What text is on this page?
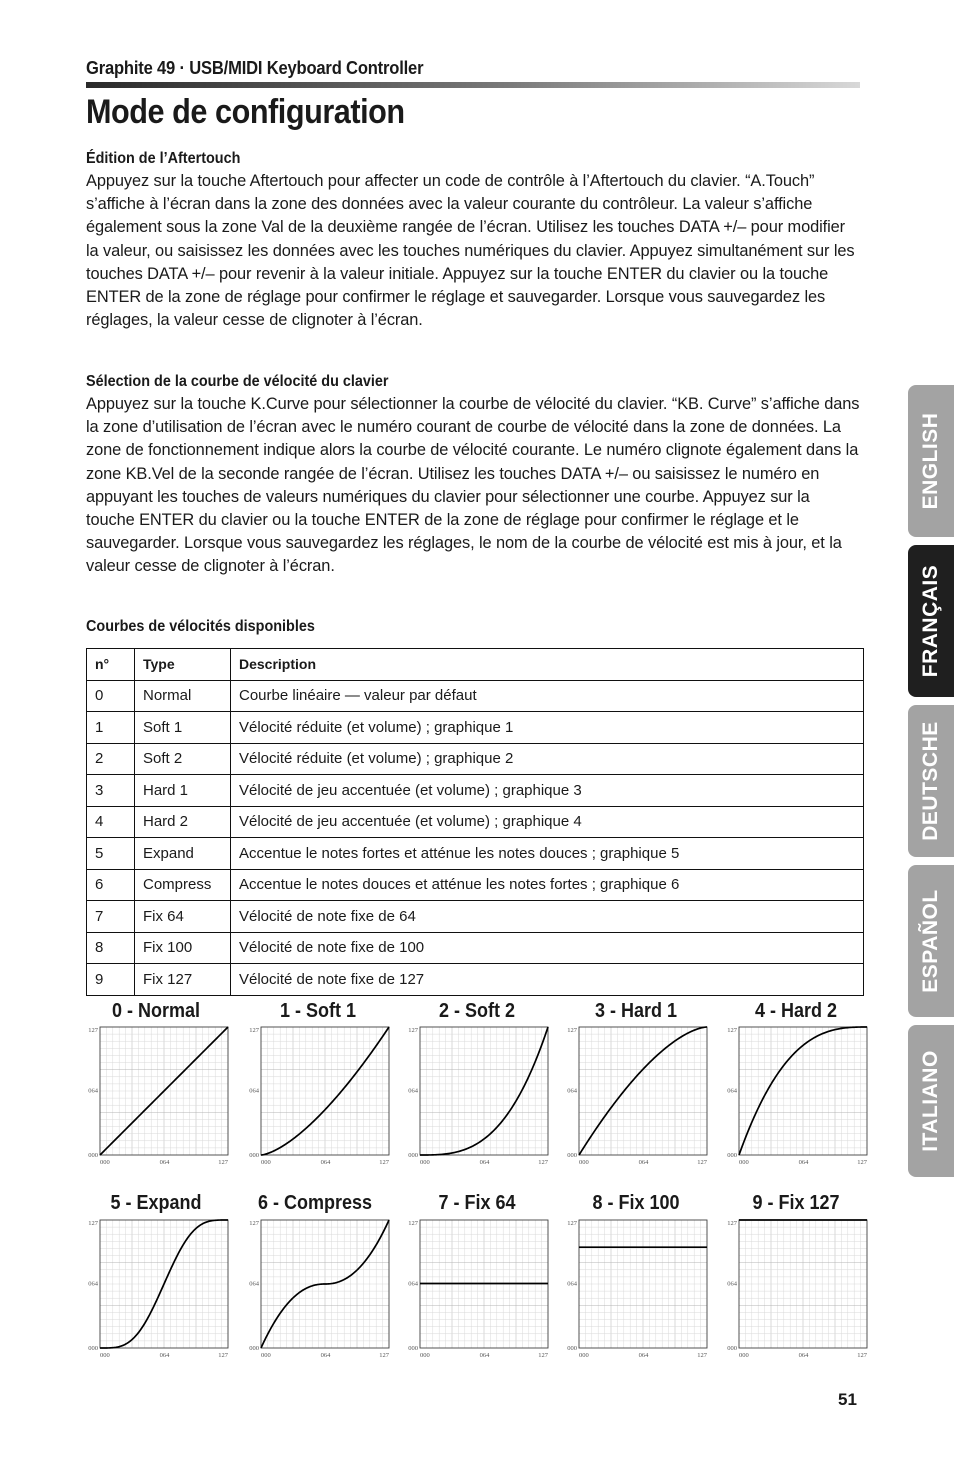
Graphite 49 · USB/MIDI Keyboard Controller
Mode de configuration
Édition de l’Aftertouch

Appuyez sur la touche Aftertouch pour affecter un code de contrôle à l’Aftertouch du clavier. “A.Touch” s’affiche à l’écran dans la zone des données avec la valeur courante du contrôleur. La valeur s’affiche également sous la zone Val de la deuxième rangée de l’écran. Utilisez les touches DATA +/– pour modifier la valeur, ou saisissez les données avec les touches numériques du clavier. Appuyez simultanément sur les touches DATA +/– pour revenir à la valeur initiale. Appuyez sur la touche ENTER du clavier ou la touche ENTER de la zone de réglage pour confirmer le réglage et sauvegarder. Lorsque vous sauvegardez les réglages, la valeur cesse de clignoter à l’écran.

Sélection de la courbe de vélocité du clavier

Appuyez sur la touche K.Curve pour sélectionner la courbe de vélocité du clavier. “KB. Curve” s’affiche dans la zone d’utilisation de l’écran avec le numéro courant de courbe de vélocité dans la zone de données. La zone de fonctionnement indique alors la courbe de vélocité courante. Le numéro clignote également dans la zone KB.Vel de la seconde rangée de l’écran. Utilisez les touches DATA +/– ou saisissez le numéro en appuyant les touches de valeurs numériques du clavier pour sélectionner une courbe. Appuyez sur la touche ENTER du clavier ou la touche ENTER de la zone de réglage pour confirmer le réglage et le sauvegarder. Lorsque vous sauvegardez les réglages, le nom de la courbe de vélocité est mis à jour, et la valeur cesse de clignoter à l’écran.

Courbes de vélocités disponibles
n°	Type	Description
0	Normal	Courbe linéaire — valeur par défaut
1	Soft 1	Vélocité réduite (et volume) ; graphique 1
2	Soft 2	Vélocité réduite (et volume) ; graphique 2
3	Hard 1	Vélocité de jeu accentuée (et volume) ; graphique 3
4	Hard 2	Vélocité de jeu accentuée (et volume) ; graphique 4
5	Expand	Accentue le notes fortes et atténue les notes douces ; graphique 5
6	Compress	Accentue le notes douces et atténue les notes fortes ; graphique 6
7	Fix 64	Vélocité de note fixe de 64
8	Fix 100	Vélocité de note fixe de 100
9	Fix 127	Vélocité de note fixe de 127
0 - Normal	1 - Soft 1	2 - Soft 2	3 - Hard 1	4 - Hard 2
5 - Expand	6 - Compress	7 - Fix 64	8 - Fix 100	9 - Fix 127
000	064	127
000
064
127
000	064	127
000
064
127
000	064	127
000
064
127
000	064	127
000
064
127
000	064	127
000
064
127
000	064	127
000
064
127
000	064	127
000
064
127
000	064	127
000
064
127
000	064	127
000
064
127
000	064	127
000
064
127
ENGLISH
FRANÇAIS
DEUTSCHE
ESPAÑOL
ITALIANO
51
